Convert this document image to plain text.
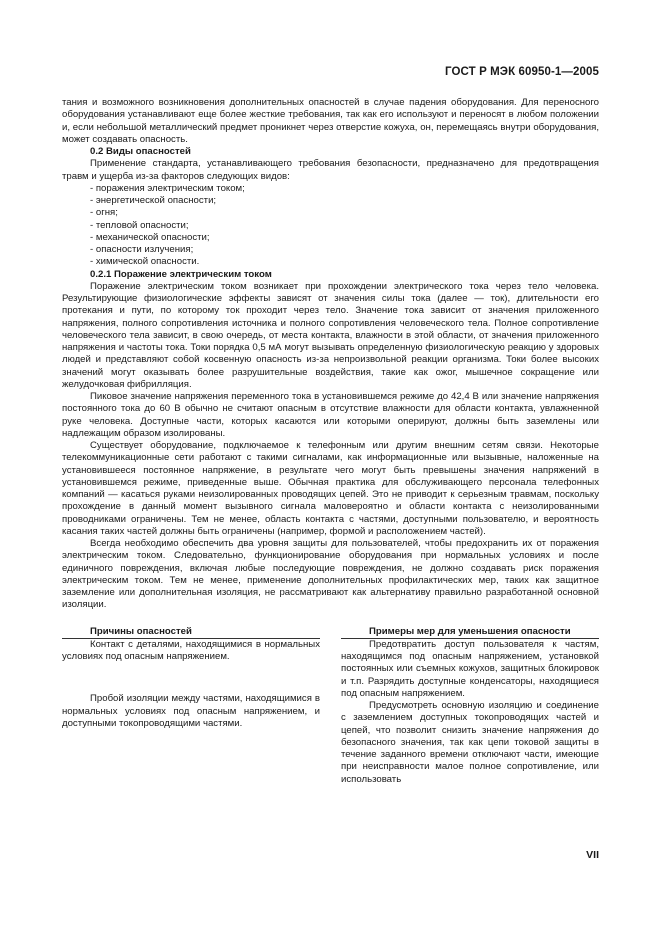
ГОСТ Р МЭК 60950-1—2005

тания и возможного возникновения дополнительных опасностей в случае падения оборудования. Для переносного оборудования устанавливают еще более жесткие требования, так как его используют и переносят в любом положении и, если небольшой металлический предмет проникнет через отверстие кожуха, он, перемещаясь внутри оборудования, может создавать опасность.

0.2 Виды опасностей

Применение стандарта, устанавливающего требования безопасности, предназначено для предотвращения травм и ущерба из-за факторов следующих видов:

- поражения электрическим током;
- энергетической опасности;
- огня;
- тепловой опасности;
- механической опасности;
- опасности излучения;
- химической опасности.

0.2.1 Поражение электрическим током

Поражение электрическим током возникает при прохождении электрического тока через тело человека. Результирующие физиологические эффекты зависят от значения силы тока (далее — ток), длительности его протекания и пути, по которому ток проходит через тело. Значение тока зависит от значения приложенного напряжения, полного сопротивления источника и полного сопротивления человеческого тела. Полное сопротивление человеческого тела зависит, в свою очередь, от места контакта, влажности в этой области, от значения приложенного напряжения и частоты тока. Токи порядка 0,5 мА могут вызывать определенную физиологическую реакцию у здоровых людей и представляют собой косвенную опасность из-за непроизвольной реакции организма. Токи более высоких значений могут оказывать более разрушительные воздействия, такие как ожог, мышечное сокращение или желудочковая фибрилляция.

Пиковое значение напряжения переменного тока в установившемся режиме до 42,4 В или значение напряжения постоянного тока до 60 В обычно не считают опасным в отсутствие влажности для области контакта, увлажненной руке человека. Доступные части, которых касаются или которыми оперируют, должны быть заземлены или надлежащим образом изолированы.

Существует оборудование, подключаемое к телефонным или другим внешним сетям связи. Некоторые телекоммуникационные сети работают с такими сигналами, как информационные или вызывные, наложенные на установившееся постоянное напряжение, в результате чего могут быть превышены значения напряжений в установившемся режиме, приведенные выше. Обычная практика для обслуживающего персонала телефонных компаний — касаться руками неизолированных проводящих цепей. Это не приводит к серьезным травмам, поскольку прохождение в данный момент вызывного сигнала маловероятно и области контакта с неизолированными проводниками ограничены. Тем не менее, область контакта с частями, доступными пользователю, и вероятность касания таких частей должны быть ограничены (например, формой и расположением частей).

Всегда необходимо обеспечить два уровня защиты для пользователей, чтобы предохранить их от поражения электрическим током. Следовательно, функционирование оборудования при нормальных условиях и после единичного повреждения, включая любые последующие повреждения, не должно создавать риск поражения электрическим током. Тем не менее, применение дополнительных профилактических мер, таких как защитное заземление или дополнительная изоляция, не рассматривают как альтернативу правильно разработанной основной изоляции.

Причины опасностей

Контакт с деталями, находящимися в нормальных условиях под опасным напряжением.

Пробой изоляции между частями, находящимися в нормальных условиях под опасным напряжением, и доступными токопроводящими частями.

Примеры мер для уменьшения опасности

Предотвратить доступ пользователя к частям, находящимся под опасным напряжением, установкой постоянных или съемных кожухов, защитных блокировок и т.п. Разрядить доступные конденсаторы, находящиеся под опасным напряжением.

Предусмотреть основную изоляцию и соединение с заземлением доступных токопроводящих частей и цепей, что позволит снизить значение напряжения до безопасного значения, так как цепи токовой защиты в течение заданного времени отключают части, имеющие при неисправности малое полное сопротивление, или использовать

VII
